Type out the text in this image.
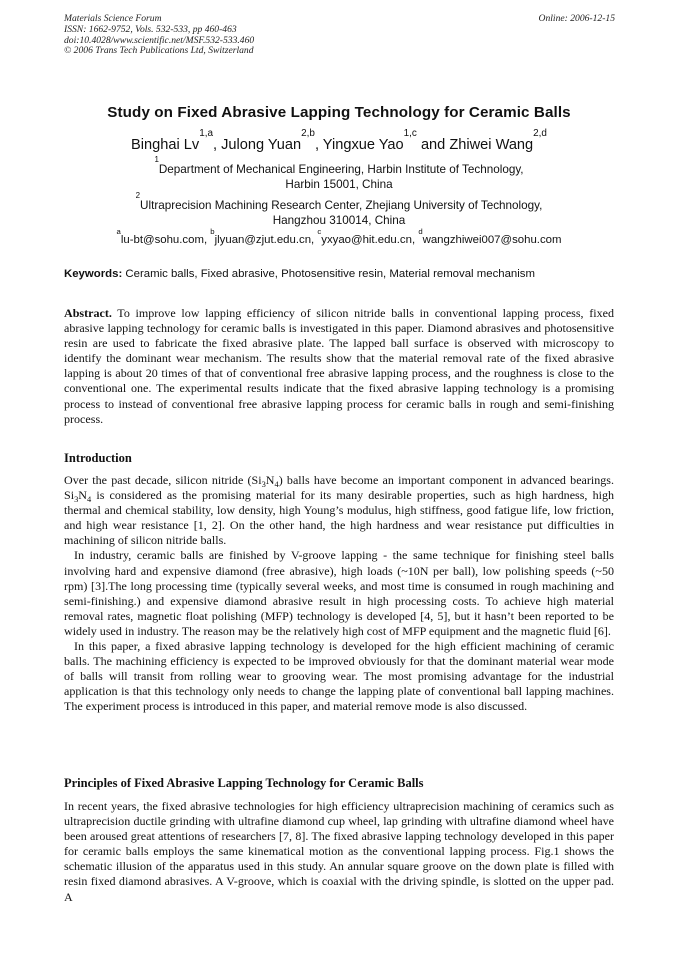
Materials Science Forum
ISSN: 1662-9752, Vols. 532-533, pp 460-463
doi:10.4028/www.scientific.net/MSF.532-533.460
© 2006 Trans Tech Publications Ltd, Switzerland
Online: 2006-12-15
Study on Fixed Abrasive Lapping Technology for Ceramic Balls
Binghai Lv$^{1,a}$, Julong Yuan$^{2,b}$, Yingxue Yao$^{1,c}$ and Zhiwei Wang$^{2,d}$
$^1$Department of Mechanical Engineering, Harbin Institute of Technology,
Harbin 15001, China
$^2$Ultraprecision Machining Research Center, Zhejiang University of Technology,
Hangzhou 310014, China
$^a$lu-bt@sohu.com, $^b$jlyuan@zjut.edu.cn, $^c$yxyao@hit.edu.cn, $^d$wangzhiwei007@sohu.com
Keywords: Ceramic balls, Fixed abrasive, Photosensitive resin, Material removal mechanism

Abstract. To improve low lapping efficiency of silicon nitride balls in conventional lapping process, fixed abrasive lapping technology for ceramic balls is investigated in this paper. Diamond abrasives and photosensitive resin are used to fabricate the fixed abrasive plate. The lapped ball surface is observed with microscopy to identify the dominant wear mechanism. The results show that the material removal rate of the fixed abrasive lapping is about 20 times of that of conventional free abrasive lapping process, and the roughness is close to the conventional one. The experimental results indicate that the fixed abrasive lapping technology is a promising process to instead of conventional free abrasive lapping process for ceramic balls in rough and semi-finishing process.

Introduction

Over the past decade, silicon nitride $(Si_3N_4)$ balls have become an important component in advanced bearings. $Si_3N_4$ is considered as the promising material for its many desirable properties, such as high hardness, high thermal and chemical stability, low density, high Young’s modulus, high stiffness, good fatigue life, low friction, and high wear resistance [1, 2]. On the other hand, the high hardness and wear resistance put difficulties in machining of silicon nitride balls.

In industry, ceramic balls are finished by V-groove lapping - the same technique for finishing steel balls involving hard and expensive diamond (free abrasive), high loads (~10N per ball), low polishing speeds (~50 rpm) [3].The long processing time (typically several weeks, and most time is consumed in rough machining and semi-finishing.) and expensive diamond abrasive result in high processing costs. To achieve high material removal rates, magnetic float polishing (MFP) technology is developed [4, 5], but it hasn’t been reported to be widely used in industry. The reason may be the relatively high cost of MFP equipment and the magnetic fluid [6].

In this paper, a fixed abrasive lapping technology is developed for the high efficient machining of ceramic balls. The machining efficiency is expected to be improved obviously for that the dominant material wear mode of balls will transit from rolling wear to grooving wear. The most promising advantage for the industrial application is that this technology only needs to change the lapping plate of conventional ball lapping machines. The experiment process is introduced in this paper, and material remove mode is also discussed.

Principles of Fixed Abrasive Lapping Technology for Ceramic Balls

In recent years, the fixed abrasive technologies for high efficiency ultraprecision machining of ceramics such as ultraprecision ductile grinding with ultrafine diamond cup wheel, lap grinding with ultrafine diamond wheel have been aroused great attentions of researchers [7, 8]. The fixed abrasive lapping technology developed in this paper for ceramic balls employs the same kinematical motion as the conventional lapping process. Fig.1 shows the schematic illusion of the apparatus used in this study. An annular square groove on the down plate is filled with resin fixed diamond abrasives. A V-groove, which is coaxial with the driving spindle, is slotted on the upper pad. A
